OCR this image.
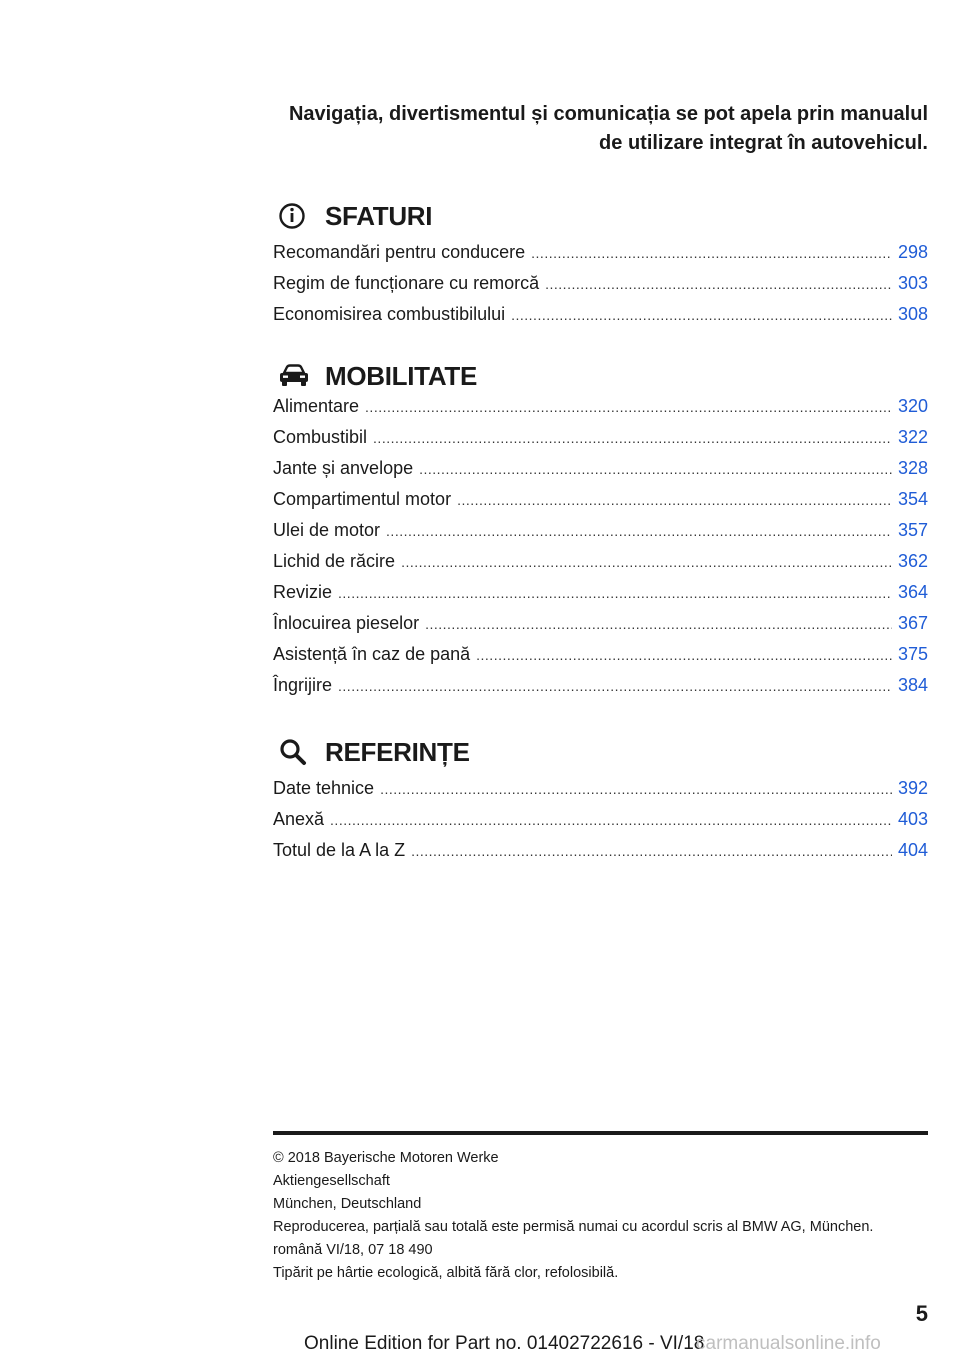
Navigația, divertismentul și comunicația se pot apela prin manualul
de utilizare integrat în autovehicul.
SFATURI
Recomandări pentru conducere .....	298
Regim de funcționare cu remorcă .....	303
Economisirea combustibilului .....	308
MOBILITATE
Alimentare .....	320
Combustibil .....	322
Jante și anvelope .....	328
Compartimentul motor .....	354
Ulei de motor .....	357
Lichid de răcire .....	362
Revizie .....	364
Înlocuirea pieselor .....	367
Asistență în caz de pană .....	375
Îngrijire .....	384
REFERINȚE
Date tehnice .....	392
Anexă .....	403
Totul de la A la Z .....	404
© 2018 Bayerische Motoren Werke
Aktiengesellschaft
München, Deutschland
Reproducerea, parțială sau totală este permisă numai cu acordul scris al BMW AG, München.
română VI/18, 07 18 490
Tipărit pe hârtie ecologică, albită fără clor, refolosibilă.
5
Online Edition for Part no. 01402722616 - VI/18
carmanualsonline.info
